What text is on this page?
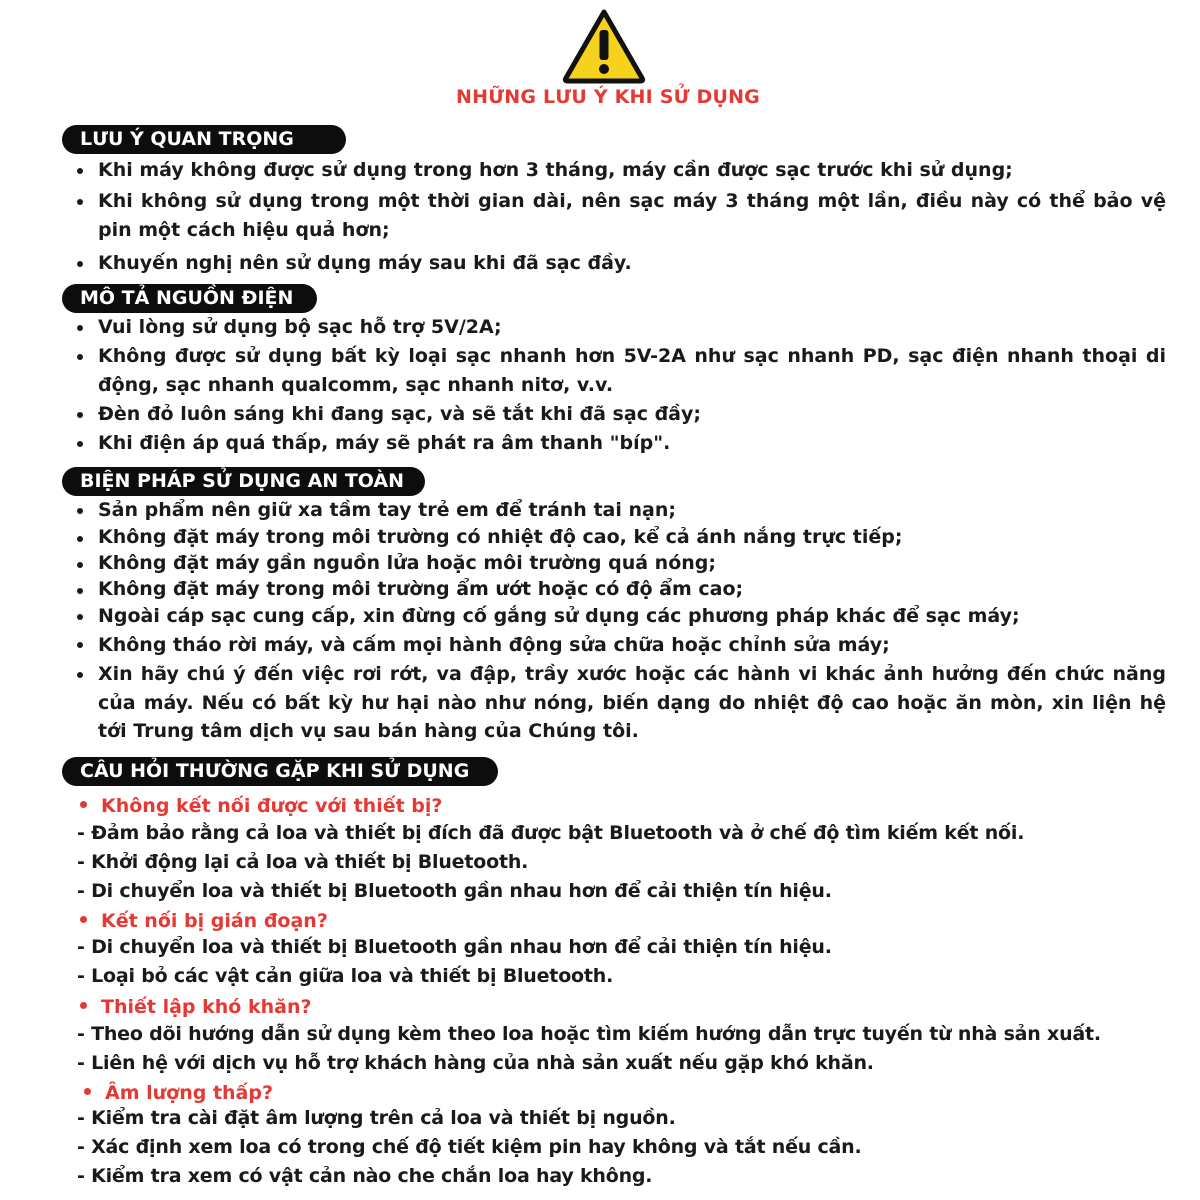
NHỮNG LƯU Ý KHI SỬ DỤNG
LƯU Ý QUAN TRỌNG
Khi máy không được sử dụng trong hơn 3 tháng, máy cần được sạc trước khi sử dụng;
Khi không sử dụng trong một thời gian dài, nên sạc máy 3 tháng một lần, điều này có thể bảo vệ pin một cách hiệu quả hơn;
Khuyến nghị nên sử dụng máy sau khi đã sạc đầy.
MÔ TẢ NGUỒN ĐIỆN
Vui lòng sử dụng bộ sạc hỗ trợ 5V/2A;
Không được sử dụng bất kỳ loại sạc nhanh hơn 5V-2A như sạc nhanh PD, sạc điện nhanh thoại di động, sạc nhanh qualcomm, sạc nhanh nitơ, v.v.
Đèn đỏ luôn sáng khi đang sạc, và sẽ tắt khi đã sạc đầy;
Khi điện áp quá thấp, máy sẽ phát ra âm thanh "bíp".
BIỆN PHÁP SỬ DỤNG AN TOÀN
Sản phẩm nên giữ xa tầm tay trẻ em để tránh tai nạn;
Không đặt máy trong môi trường có nhiệt độ cao, kể cả ánh nắng trực tiếp;
Không đặt máy gần nguồn lửa hoặc môi trường quá nóng;
Không đặt máy trong môi trường ẩm ướt hoặc có độ ẩm cao;
Ngoài cáp sạc cung cấp, xin đừng cố gắng sử dụng các phương pháp khác để sạc máy;
Không tháo rời máy, và cấm mọi hành động sửa chữa hoặc chỉnh sửa máy;
Xin hãy chú ý đến việc rơi rớt, va đập, trầy xước hoặc các hành vi khác ảnh hưởng đến chức năng của máy. Nếu có bất kỳ hư hại nào như nóng, biến dạng do nhiệt độ cao hoặc ăn mòn, xin liện hệ tới Trung tâm dịch vụ sau bán hàng của Chúng tôi.
CÂU HỎI THƯỜNG GẶP KHI SỬ DỤNG
Không kết nối được với thiết bị?
- Đảm bảo rằng cả loa và thiết bị đích đã được bật Bluetooth và ở chế độ tìm kiếm kết nối.
- Khởi động lại cả loa và thiết bị Bluetooth.
- Di chuyển loa và thiết bị Bluetooth gần nhau hơn để cải thiện tín hiệu.
Kết nối bị gián đoạn?
- Di chuyển loa và thiết bị Bluetooth gần nhau hơn để cải thiện tín hiệu.
- Loại bỏ các vật cản giữa loa và thiết bị Bluetooth.
Thiết lập khó khăn?
- Theo dõi hướng dẫn sử dụng kèm theo loa hoặc tìm kiếm hướng dẫn trực tuyến từ nhà sản xuất.
- Liên hệ với dịch vụ hỗ trợ khách hàng của nhà sản xuất nếu gặp khó khăn.
Âm lượng thấp?
- Kiểm tra cài đặt âm lượng trên cả loa và thiết bị nguồn.
- Xác định xem loa có trong chế độ tiết kiệm pin hay không và tắt nếu cần.
- Kiểm tra xem có vật cản nào che chắn loa hay không.
